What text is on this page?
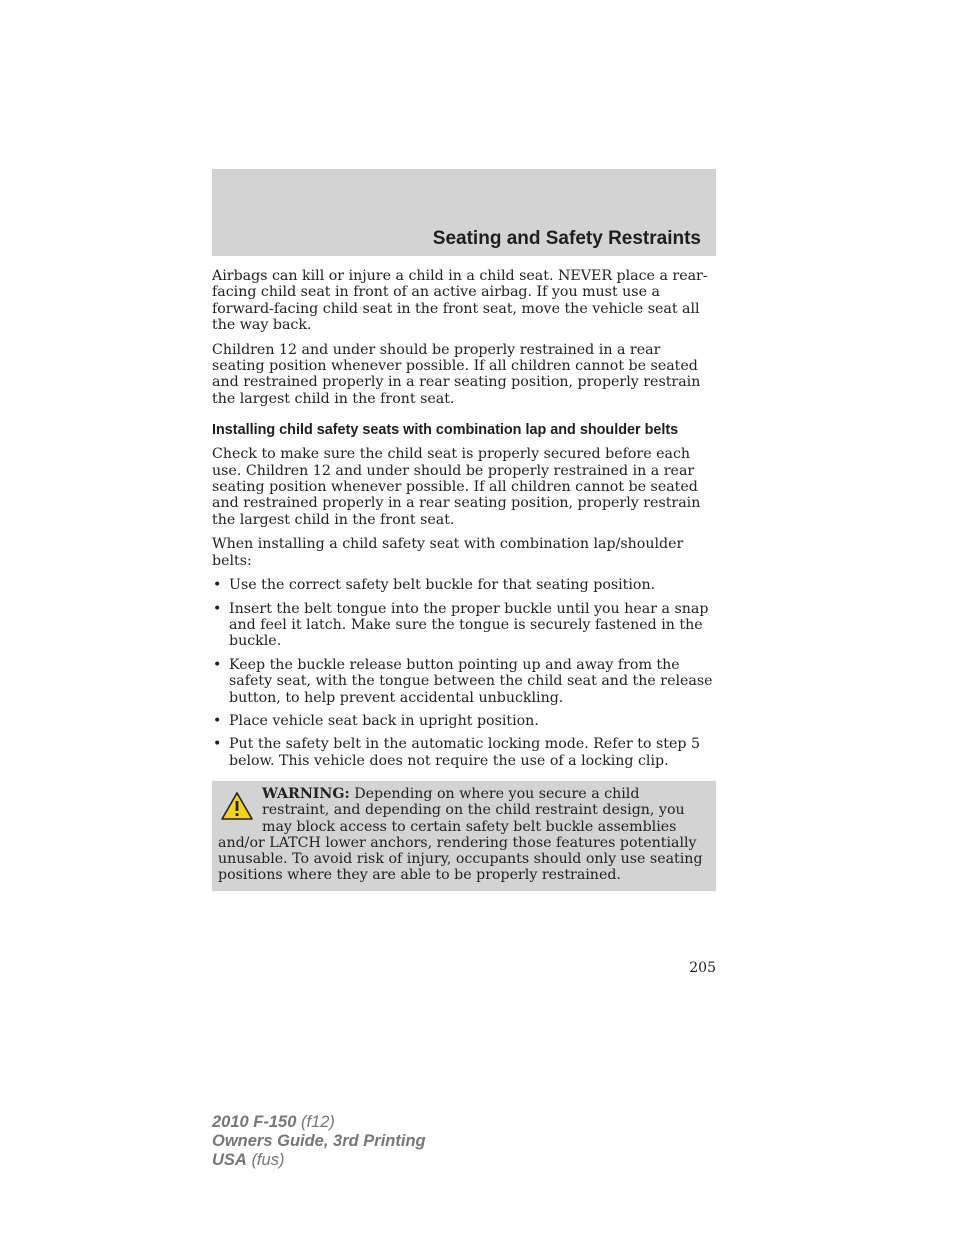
Seating and Safety Restraints

Airbags can kill or injure a child in a child seat. NEVER place a rear-facing child seat in front of an active airbag. If you must use a forward-facing child seat in the front seat, move the vehicle seat all the way back.

Children 12 and under should be properly restrained in a rear seating position whenever possible. If all children cannot be seated and restrained properly in a rear seating position, properly restrain the largest child in the front seat.

Installing child safety seats with combination lap and shoulder belts

Check to make sure the child seat is properly secured before each use. Children 12 and under should be properly restrained in a rear seating position whenever possible. If all children cannot be seated and restrained properly in a rear seating position, properly restrain the largest child in the front seat.

When installing a child safety seat with combination lap/shoulder belts:

• Use the correct safety belt buckle for that seating position.
• Insert the belt tongue into the proper buckle until you hear a snap and feel it latch. Make sure the tongue is securely fastened in the buckle.
• Keep the buckle release button pointing up and away from the safety seat, with the tongue between the child seat and the release button, to help prevent accidental unbuckling.
• Place vehicle seat back in upright position.
• Put the safety belt in the automatic locking mode. Refer to step 5 below. This vehicle does not require the use of a locking clip.
WARNING: Depending on where you secure a child restraint, and depending on the child restraint design, you may block access to certain safety belt buckle assemblies and/or LATCH lower anchors, rendering those features potentially unusable. To avoid risk of injury, occupants should only use seating positions where they are able to be properly restrained.
205
2010 F-150 (f12)
Owners Guide, 3rd Printing
USA (fus)
